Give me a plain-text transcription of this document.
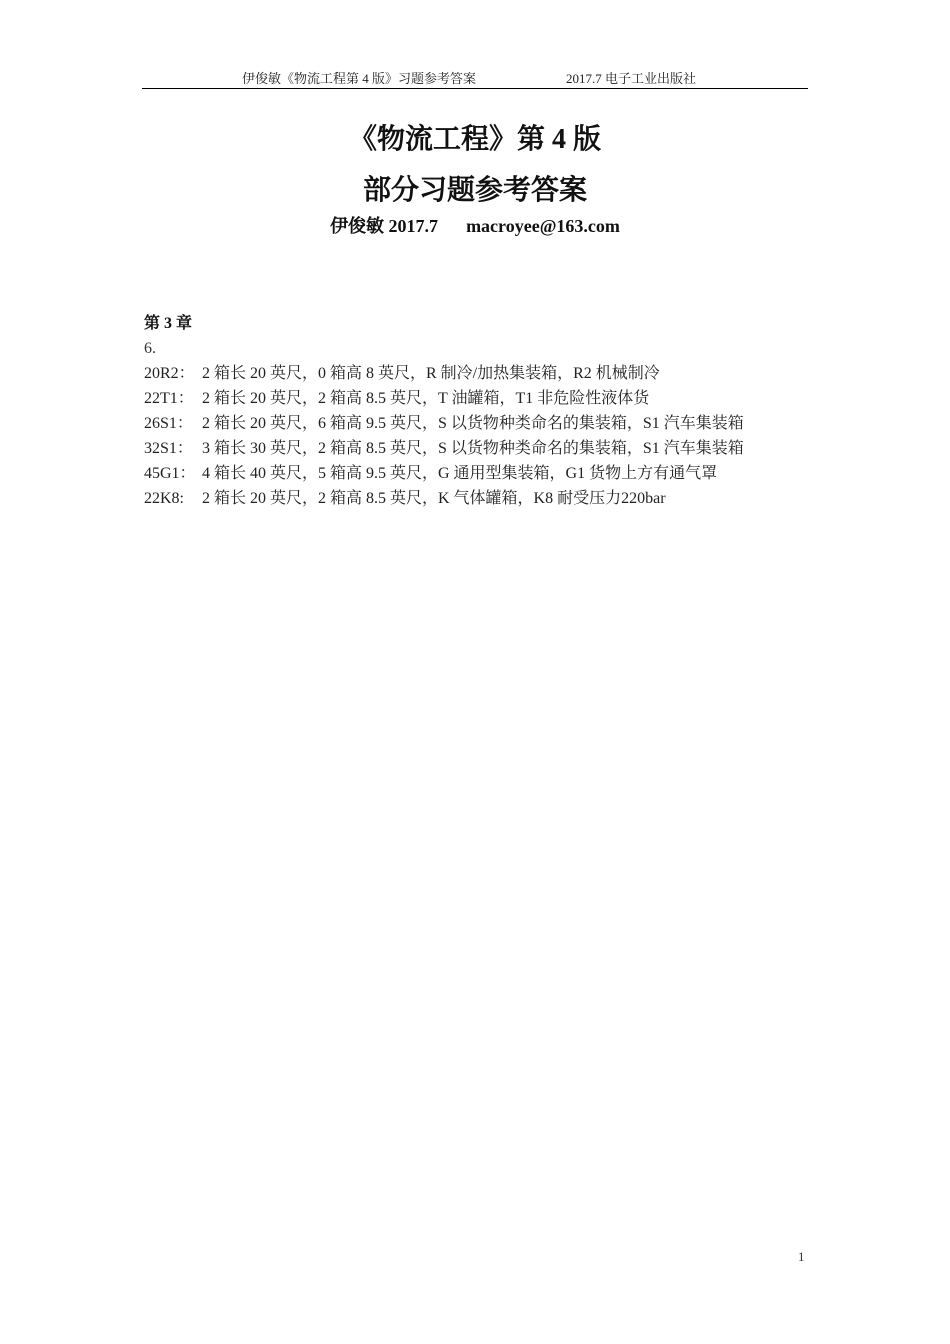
伊俊敏《物流工程第 4 版》习题参考答案	2017.7 电子工业出版社
《物流工程》第 4 版
部分习题参考答案
伊俊敏 2017.7 macroyee@163.com
第 3 章
6.
20R2： 2 箱长 20 英尺，0 箱高 8 英尺，R 制冷/加热集装箱，R2 机械制冷
22T1： 2 箱长 20 英尺，2 箱高 8.5 英尺，T 油罐箱，T1 非危险性液体货
26S1： 2 箱长 20 英尺，6 箱高 9.5 英尺，S 以货物种类命名的集装箱，S1 汽车集装箱
32S1： 3 箱长 30 英尺，2 箱高 8.5 英尺，S 以货物种类命名的集装箱，S1 汽车集装箱
45G1： 4 箱长 40 英尺，5 箱高 9.5 英尺，G 通用型集装箱，G1 货物上方有通气罩
22K8: 2 箱长 20 英尺，2 箱高 8.5 英尺，K 气体罐箱，K8 耐受压力220bar
1
